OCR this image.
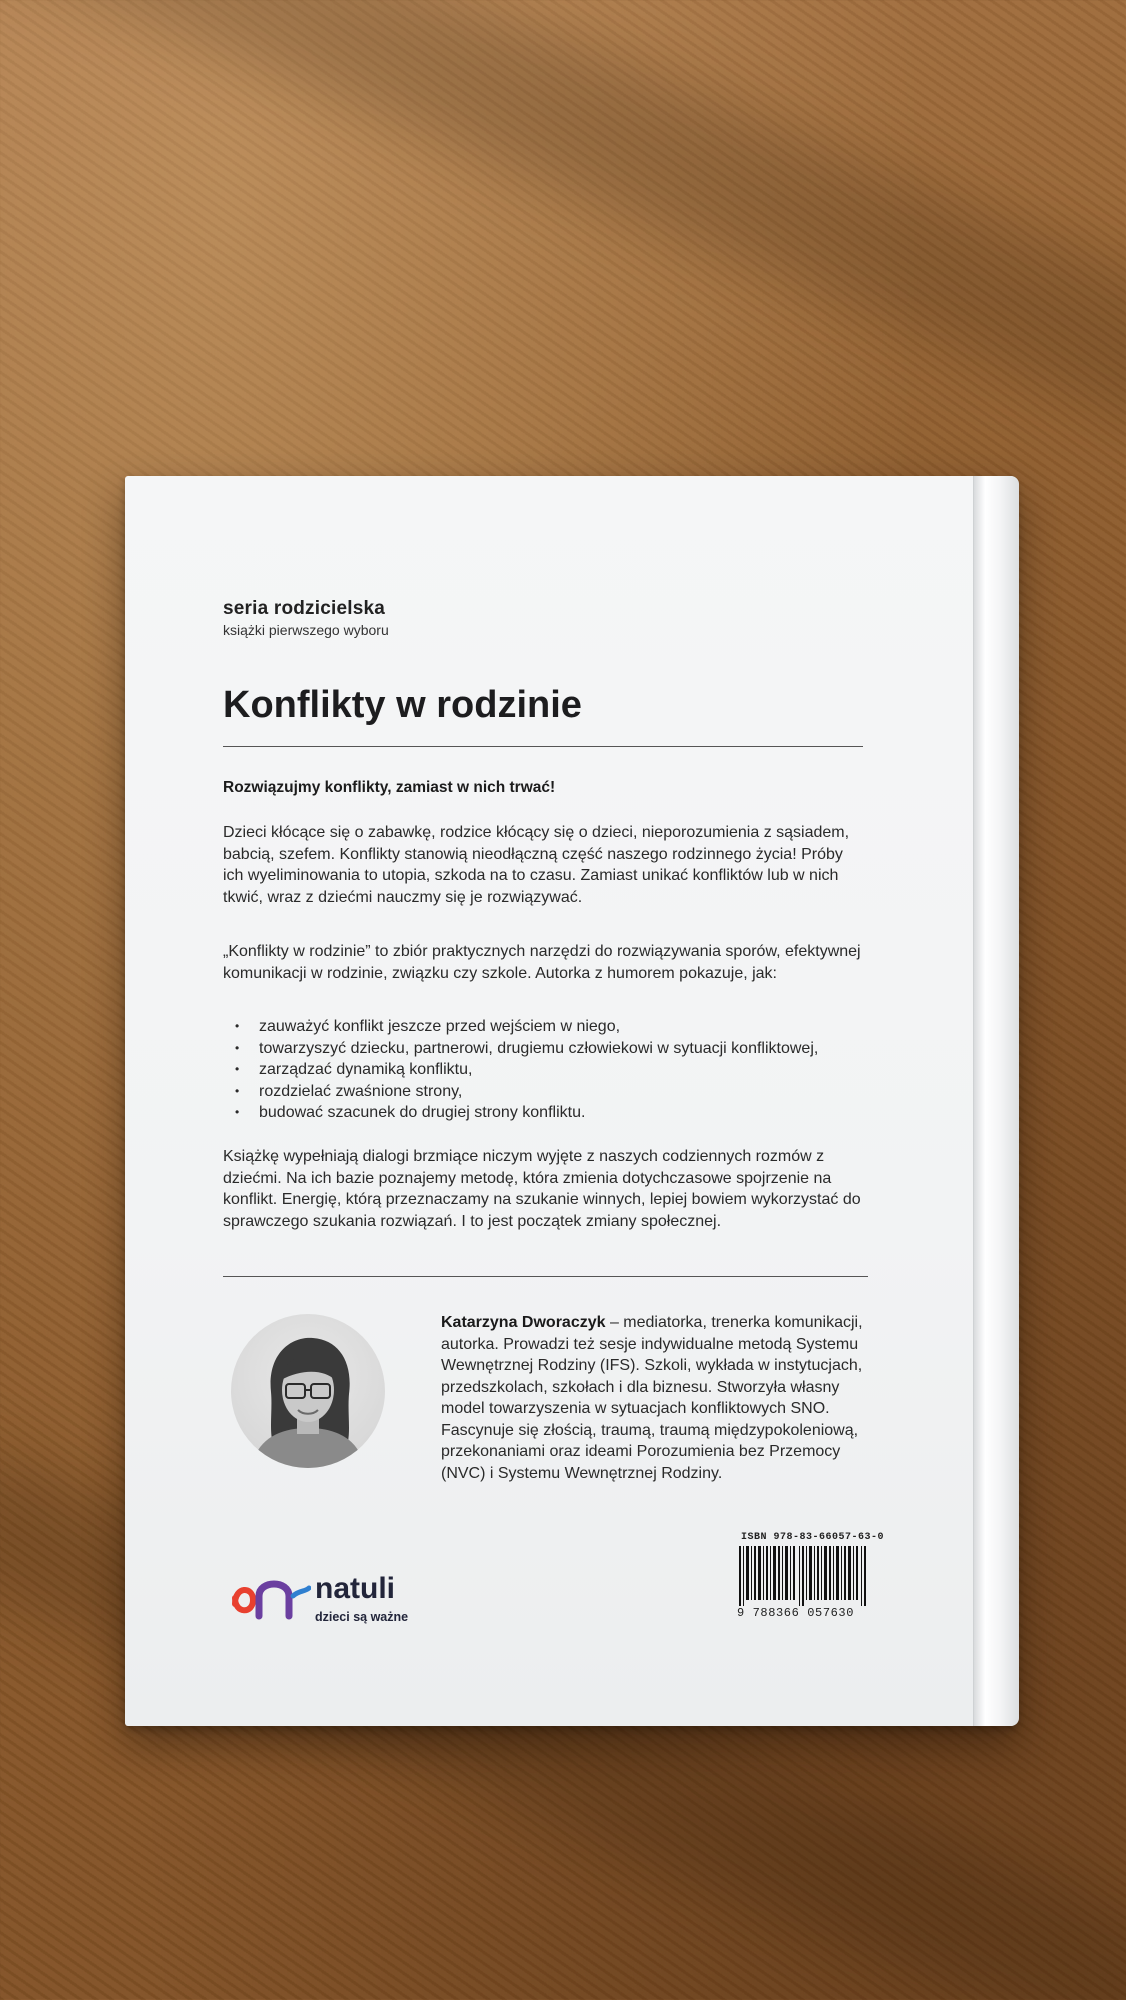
seria rodzicielska
książki pierwszego wyboru
Konflikty w rodzinie
Rozwiązujmy konflikty, zamiast w nich trwać!

Dzieci kłócące się o zabawkę, rodzice kłócący się o dzieci, nieporozumienia z sąsiadem, babcią, szefem. Konflikty stanowią nieodłączną część naszego rodzinnego życia! Próby ich wyeliminowania to utopia, szkoda na to czasu. Zamiast unikać konfliktów lub w nich tkwić, wraz z dziećmi nauczmy się je rozwiązywać.

„Konflikty w rodzinie” to zbiór praktycznych narzędzi do rozwiązywania sporów, efektywnej komunikacji w rodzinie, związku czy szkole. Autorka z humorem pokazuje, jak:

• zauważyć konflikt jeszcze przed wejściem w niego,
• towarzyszyć dziecku, partnerowi, drugiemu człowiekowi w sytuacji konfliktowej,
• zarządzać dynamiką konfliktu,
• rozdzielać zwaśnione strony,
• budować szacunek do drugiej strony konfliktu.

Książkę wypełniają dialogi brzmiące niczym wyjęte z naszych codziennych rozmów z dziećmi. Na ich bazie poznajemy metodę, która zmienia dotychczasowe spojrzenie na konflikt. Energię, którą przeznaczamy na szukanie winnych, lepiej bowiem wykorzystać do sprawczego szukania rozwiązań. I to jest początek zmiany społecznej.

Katarzyna Dworaczyk – mediatorka, trenerka komunikacji, autorka. Prowadzi też sesje indywidualne metodą Systemu Wewnętrznej Rodziny (IFS). Szkoli, wykłada w instytucjach, przedszkolach, szkołach i dla biznesu. Stworzyła własny model towarzyszenia w sytuacjach konfliktowych SNO. Fascynuje się złością, traumą, traumą międzypokoleniową, przekonaniami oraz ideami Porozumienia bez Przemocy (NVC) i Systemu Wewnętrznej Rodziny.

ISBN 978-83-66057-63-0
9 788366 057630
natuli
dzieci są ważne
